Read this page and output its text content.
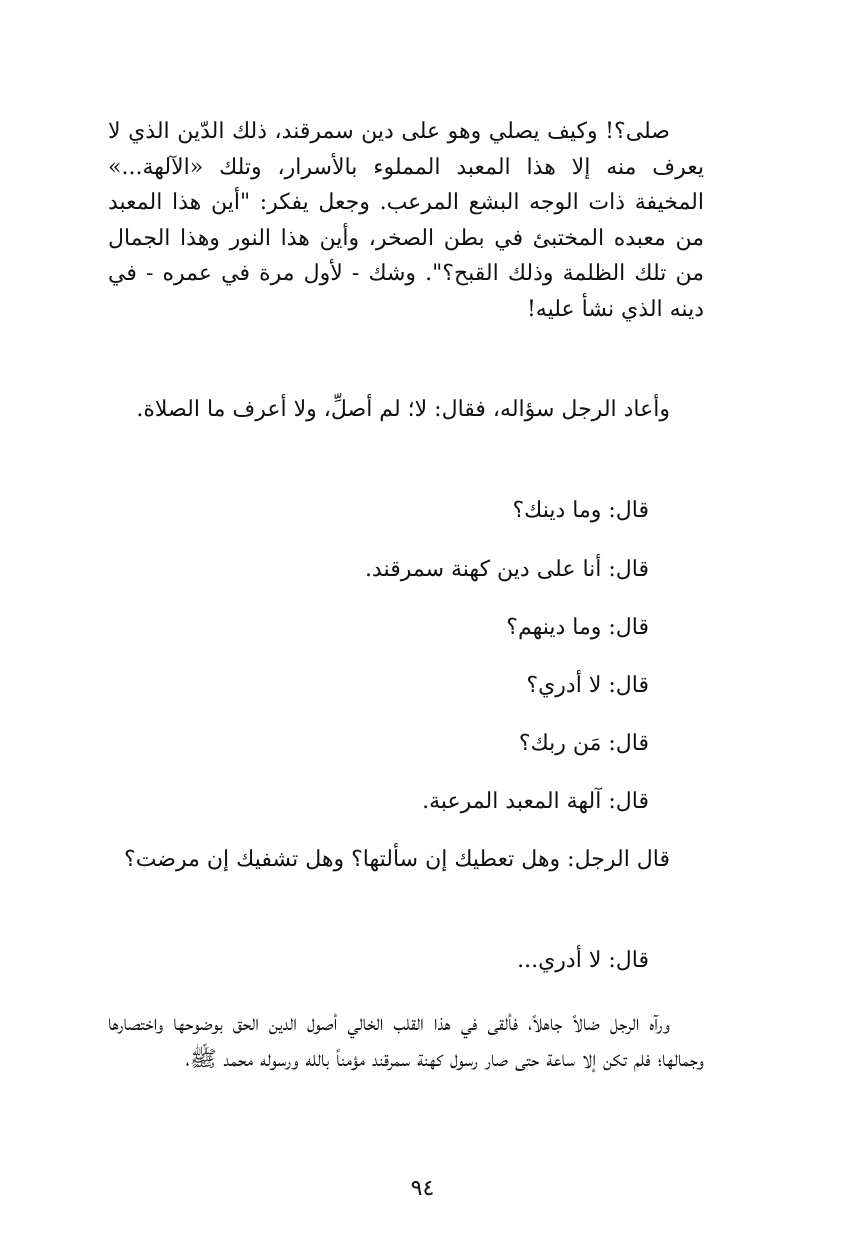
صلى؟! وكيف يصلي وهو على دين سمرقند، ذلك الدّين الذي لا يعرف منه إلا هذا المعبد المملوء بالأسرار، وتلك «الآلهة...» المخيفة ذات الوجه البشع المرعب. وجعل يفكر: "أين هذا المعبد من معبده المختبئ في بطن الصخر، وأين هذا النور وهذا الجمال من تلك الظلمة وذلك القبح؟". وشك - لأول مرة في عمره - في دينه الذي نشأ عليه!

وأعاد الرجل سؤاله، فقال: لا؛ لم أصلِّ، ولا أعرف ما الصلاة.

قال: وما دينك؟
قال: أنا على دين كهنة سمرقند.
قال: وما دينهم؟
قال: لا أدري؟
قال: مَن ربك؟
قال: آلهة المعبد المرعبة.

قال الرجل: وهل تعطيك إن سألتها؟ وهل تشفيك إن مرضت؟

قال: لا أدري...

ورآه الرجل ضالاً جاهلاً، فألقى في هذا القلب الخالي أصول الدين الحق بوضوحها واختصارها وجمالها؛ فلم تكن إلا ساعة حتى صار رسول كهنة سمرقند مؤمناً بالله ورسوله محمد ﷺ،

٩٤
